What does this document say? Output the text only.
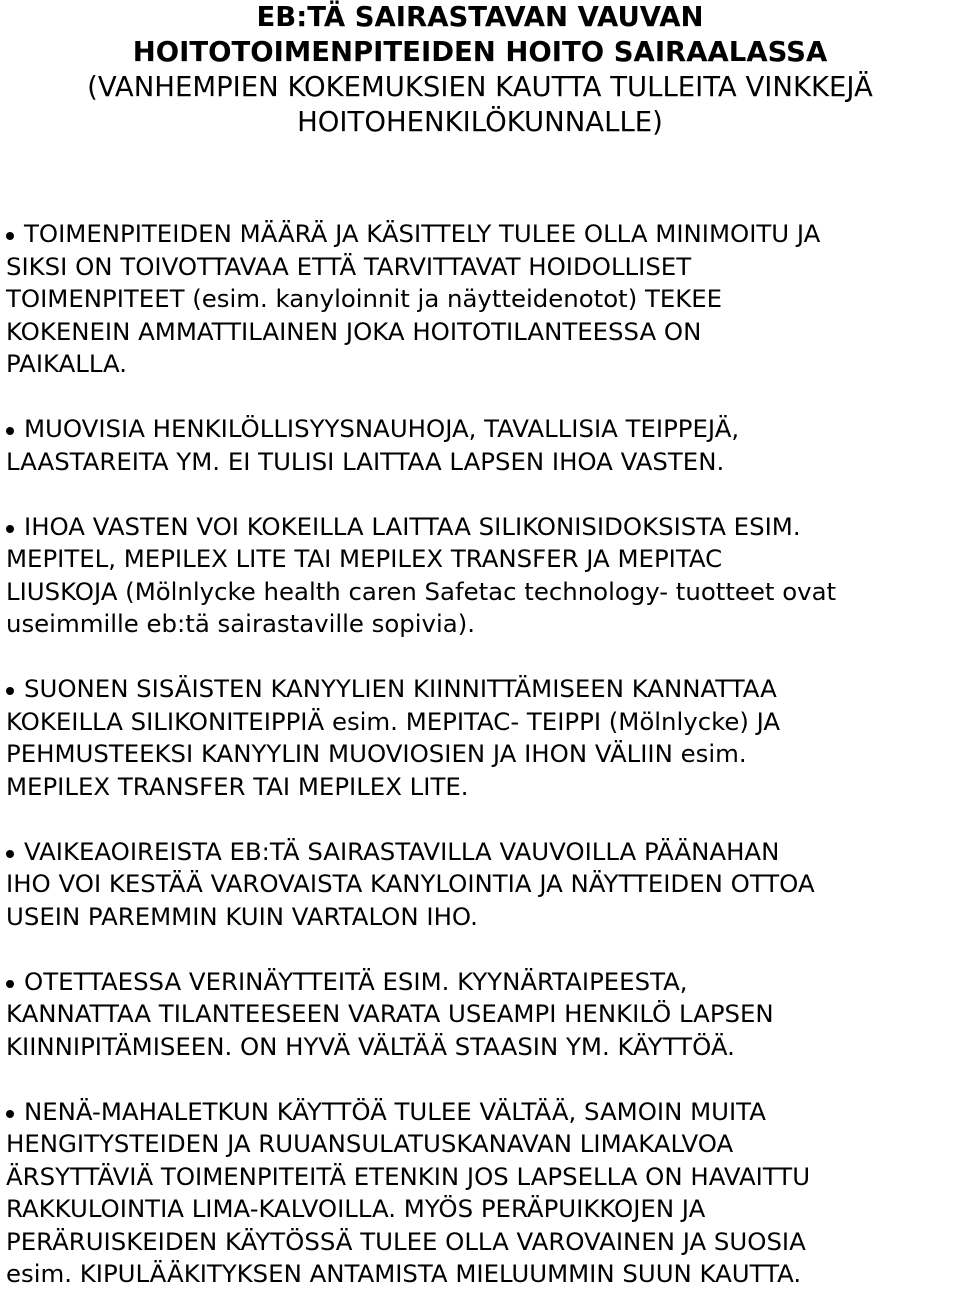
EB:TÄ SAIRASTAVAN VAUVAN
HOITOTOIMENPITEIDEN HOITO SAIRAALASSA
(VANHEMPIEN KOKEMUKSIEN KAUTTA TULLEITA VINKKEJÄ
HOITOHENKILÖKUNNALLE)

TOIMENPITEIDEN MÄÄRÄ JA KÄSITTELY TULEE OLLA MINIMOITU JA
SIKSI ON TOIVOTTAVAA ETTÄ TARVITTAVAT HOIDOLLISET
TOIMENPITEET (esim. kanyloinnit ja näytteidenotot) TEKEE
KOKENEIN AMMATTILAINEN JOKA HOITOTILANTEESSA ON
PAIKALLA.

MUOVISIA HENKILÖLLISYYSNAUHOJA, TAVALLISIA TEIPPEJÄ,
LAASTAREITA YM. EI TULISI LAITTAA LAPSEN IHOA VASTEN.

IHOA VASTEN VOI KOKEILLA LAITTAA SILIKONISIDOKSISTA ESIM.
MEPITEL, MEPILEX LITE TAI MEPILEX TRANSFER JA MEPITAC
LIUSKOJA (Mölnlycke health caren Safetac technology- tuotteet ovat
useimmille eb:tä sairastaville sopivia).

SUONEN SISÄISTEN KANYYLIEN KIINNITTÄMISEEN KANNATTAA
KOKEILLA SILIKONITEIPPIÄ esim. MEPITAC- TEIPPI (Mölnlycke) JA
PEHMUSTEEKSI KANYYLIN MUOVIOSIEN JA IHON VÄLIIN esim.
MEPILEX TRANSFER TAI MEPILEX LITE.

VAIKEAOIREISTA EB:TÄ SAIRASTAVILLA VAUVOILLA PÄÄNAHAN
IHO VOI KESTÄÄ VAROVAISTA KANYLOINTIA JA NÄYTTEIDEN OTTOA
USEIN PAREMMIN KUIN VARTALON IHO.

OTETTAESSA VERINÄYTTEITÄ ESIM. KYYNÄRTAIPEESTA,
KANNATTAA TILANTEESEEN VARATA USEAMPI HENKILÖ LAPSEN
KIINNIPITÄMISEEN. ON HYVÄ VÄLTÄÄ STAASIN YM. KÄYTTÖÄ.

NENÄ-MAHALETKUN KÄYTTÖÄ TULEE VÄLTÄÄ, SAMOIN MUITA
HENGITYSTEIDEN JA RUUANSULATUSKANAVAN LIMAKALVOA
ÄRSYTTÄVIÄ TOIMENPITEITÄ ETENKIN JOS LAPSELLA ON HAVAITTU
RAKKULOINTIA LIMA-KALVOILLA. MYÖS PERÄPUIKKOJEN JA
PERÄRUISKEIDEN KÄYTÖSSÄ TULEE OLLA VAROVAINEN JA SUOSIA
esim. KIPULÄÄKITYKSEN ANTAMISTA MIELUUMMIN SUUN KAUTTA.
